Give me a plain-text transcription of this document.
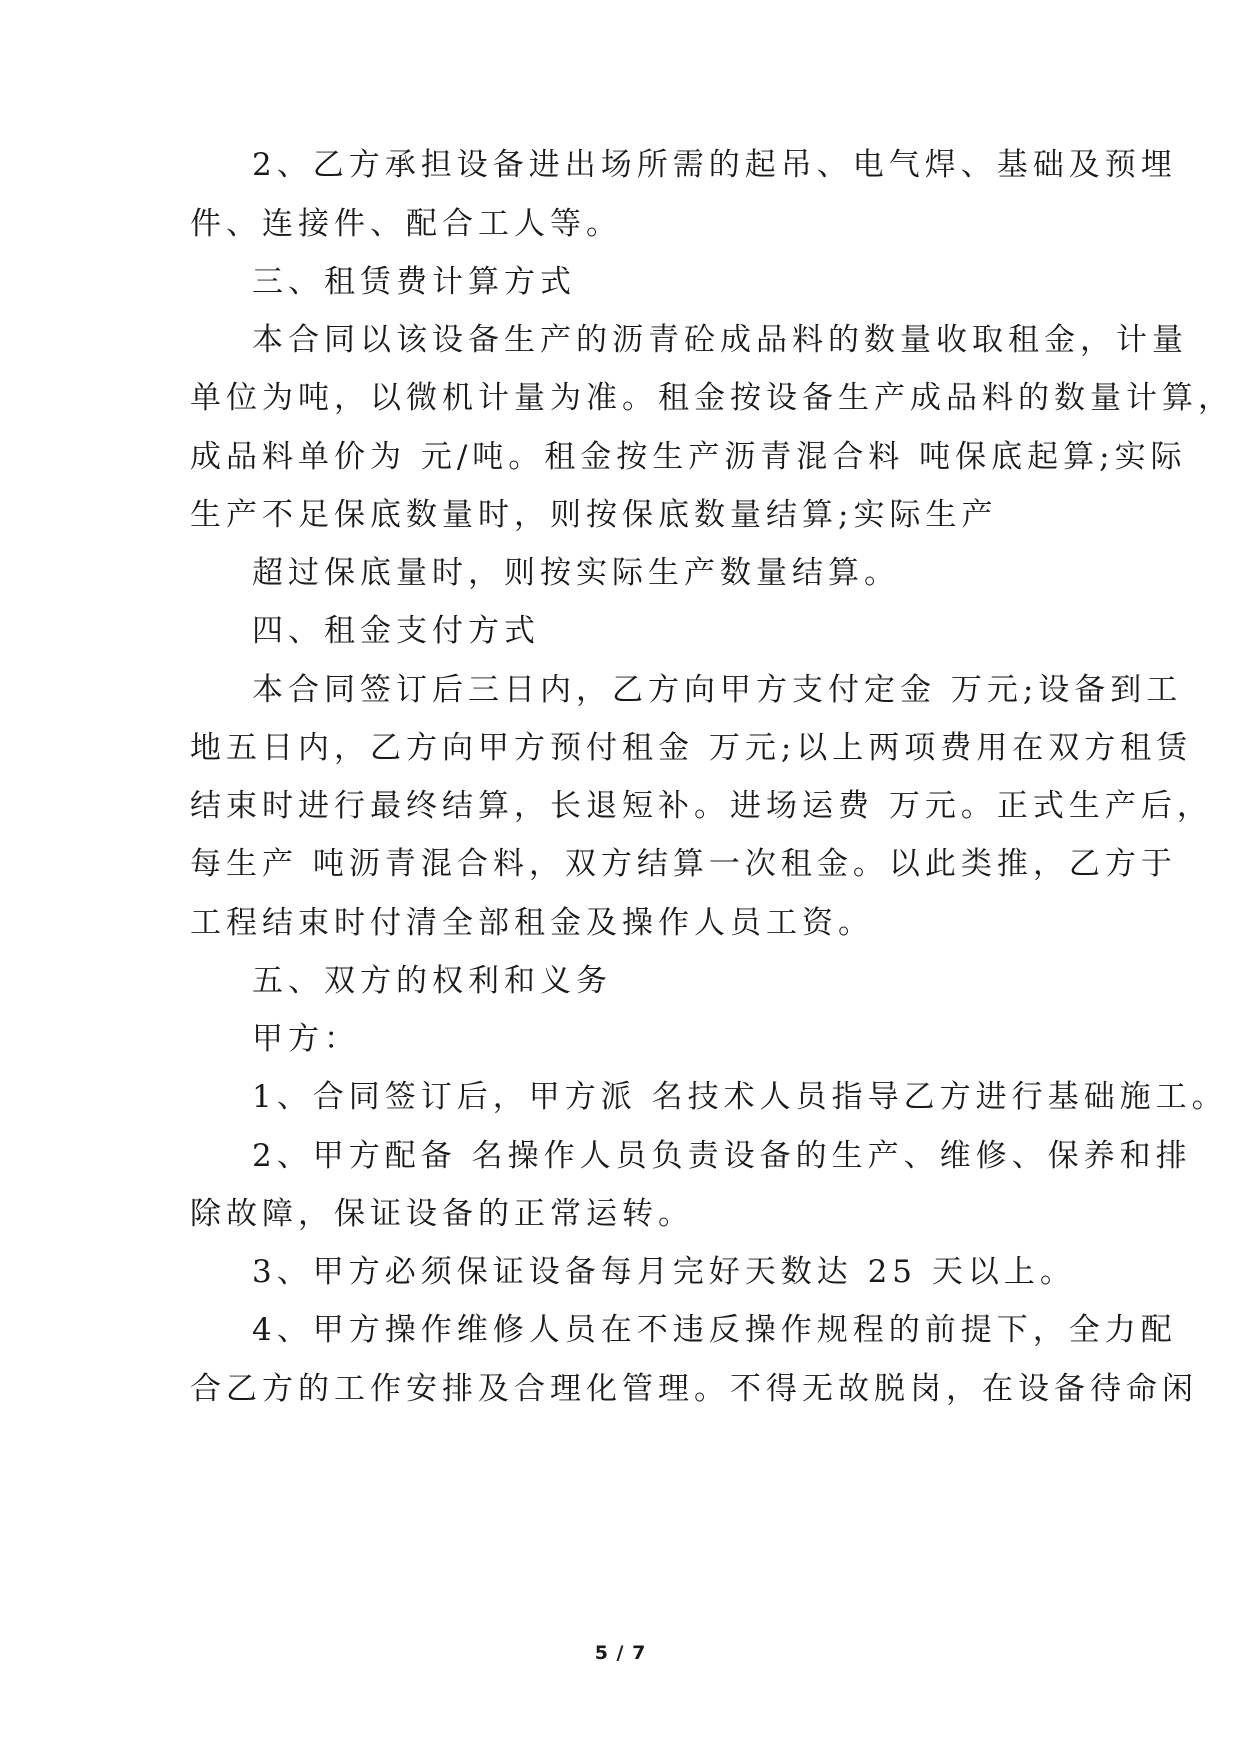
2、乙方承担设备进出场所需的起吊、电气焊、基础及预埋
件、连接件、配合工人等。
三、租赁费计算方式
本合同以该设备生产的沥青砼成品料的数量收取租金，计量
单位为吨，以微机计量为准。租金按设备生产成品料的数量计算，
成品料单价为 元/吨。租金按生产沥青混合料 吨保底起算;实际
生产不足保底数量时，则按保底数量结算;实际生产
超过保底量时，则按实际生产数量结算。
四、租金支付方式
本合同签订后三日内，乙方向甲方支付定金 万元;设备到工
地五日内，乙方向甲方预付租金 万元;以上两项费用在双方租赁
结束时进行最终结算，长退短补。进场运费 万元。正式生产后，
每生产 吨沥青混合料，双方结算一次租金。以此类推，乙方于
工程结束时付清全部租金及操作人员工资。
五、双方的权利和义务
甲方：
1、合同签订后，甲方派 名技术人员指导乙方进行基础施工。
2、甲方配备 名操作人员负责设备的生产、维修、保养和排
除故障，保证设备的正常运转。
3、甲方必须保证设备每月完好天数达 25 天以上。
4、甲方操作维修人员在不违反操作规程的前提下，全力配
合乙方的工作安排及合理化管理。不得无故脱岗，在设备待命闲
5 / 7
